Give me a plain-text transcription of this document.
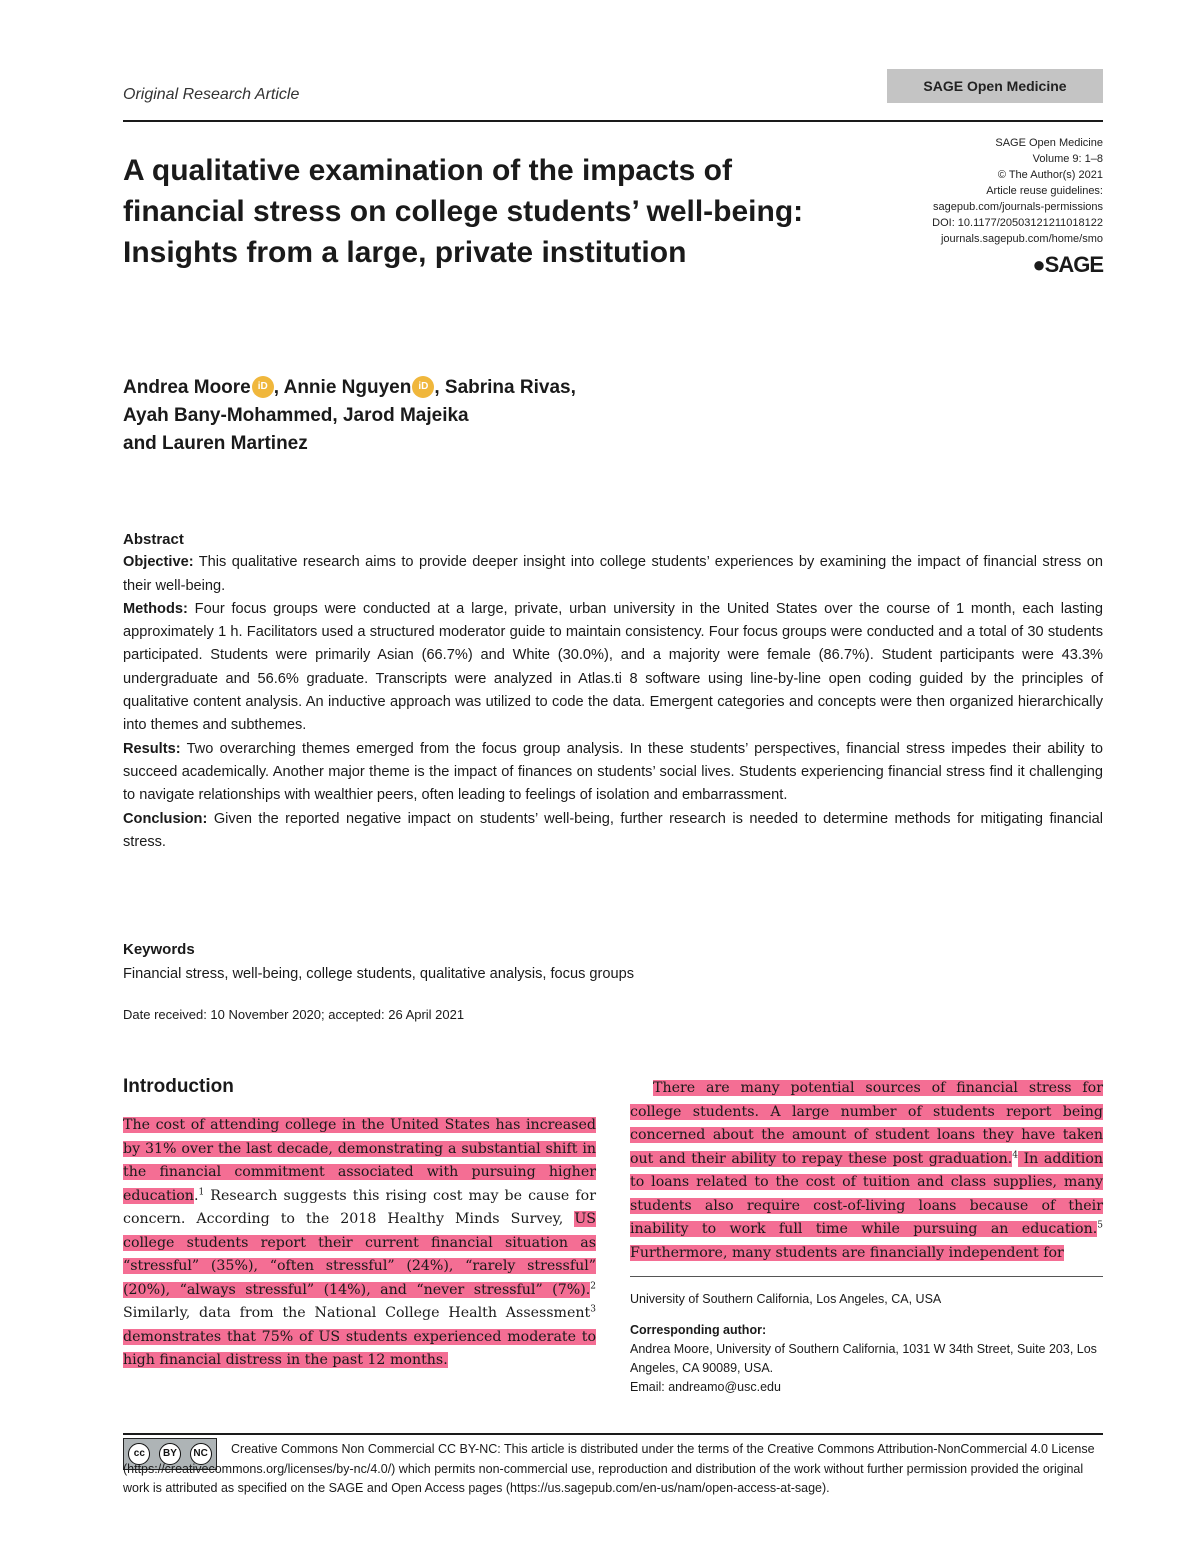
Original Research Article	SAGE Open Medicine
A qualitative examination of the impacts of financial stress on college students’ well-being: Insights from a large, private institution
SAGE Open Medicine
Volume 9: 1–8
© The Author(s) 2021
Article reuse guidelines:
sagepub.com/journals-permissions
DOI: 10.1177/20503121211018122
journals.sagepub.com/home/smo
●SAGE
Andrea Moore iD , Annie Nguyen iD , Sabrina Rivas,
Ayah Bany-Mohammed, Jarod Majeika
and Lauren Martinez
Abstract

Objective: This qualitative research aims to provide deeper insight into college students’ experiences by examining the impact of financial stress on their well-being.

Methods: Four focus groups were conducted at a large, private, urban university in the United States over the course of 1 month, each lasting approximately 1 h. Facilitators used a structured moderator guide to maintain consistency. Four focus groups were conducted and a total of 30 students participated. Students were primarily Asian (66.7%) and White (30.0%), and a majority were female (86.7%). Student participants were 43.3% undergraduate and 56.6% graduate. Transcripts were analyzed in Atlas.ti 8 software using line-by-line open coding guided by the principles of qualitative content analysis. An inductive approach was utilized to code the data. Emergent categories and concepts were then organized hierarchically into themes and subthemes.

Results: Two overarching themes emerged from the focus group analysis. In these students’ perspectives, financial stress impedes their ability to succeed academically. Another major theme is the impact of finances on students’ social lives. Students experiencing financial stress find it challenging to navigate relationships with wealthier peers, often leading to feelings of isolation and embarrassment.

Conclusion: Given the reported negative impact on students’ well-being, further research is needed to determine methods for mitigating financial stress.

Keywords
Financial stress, well-being, college students, qualitative analysis, focus groups
Date received: 10 November 2020; accepted: 26 April 2021
Introduction
The cost of attending college in the United States has increased by 31% over the last decade, demonstrating a substantial shift in the financial commitment associated with pursuing higher education.$^1$ Research suggests this rising cost may be cause for concern. According to the 2018 Healthy Minds Survey, US college students report their current financial situation as “stressful” (35%), “often stressful” (24%), “rarely stressful” (20%), “always stressful” (14%), and “never stressful” (7%).$^2$ Similarly, data from the National College Health Assessment$^3$ demonstrates that 75% of US students experienced moderate to high financial distress in the past 12 months.
There are many potential sources of financial stress for college students. A large number of students report being concerned about the amount of student loans they have taken out and their ability to repay these post graduation.$^4$ In addition to loans related to the cost of tuition and class supplies, many students also require cost-of-living loans because of their inability to work full time while pursuing an education.$^5$ Furthermore, many students are financially independent for
University of Southern California, Los Angeles, CA, USA
Corresponding author:
Andrea Moore, University of Southern California, 1031 W 34th Street, Suite 203, Los Angeles, CA 90089, USA.
Email: andreamo@usc.edu
cc	BY	NC	Creative Commons Non Commercial CC BY-NC: This article is distributed under the terms of the Creative Commons Attribution-NonCommercial 4.0 License (https://creativecommons.org/licenses/by-nc/4.0/) which permits non-commercial use, reproduction and distribution of the work without further permission provided the original work is attributed as specified on the SAGE and Open Access pages (https://us.sagepub.com/en-us/nam/open-access-at-sage).
